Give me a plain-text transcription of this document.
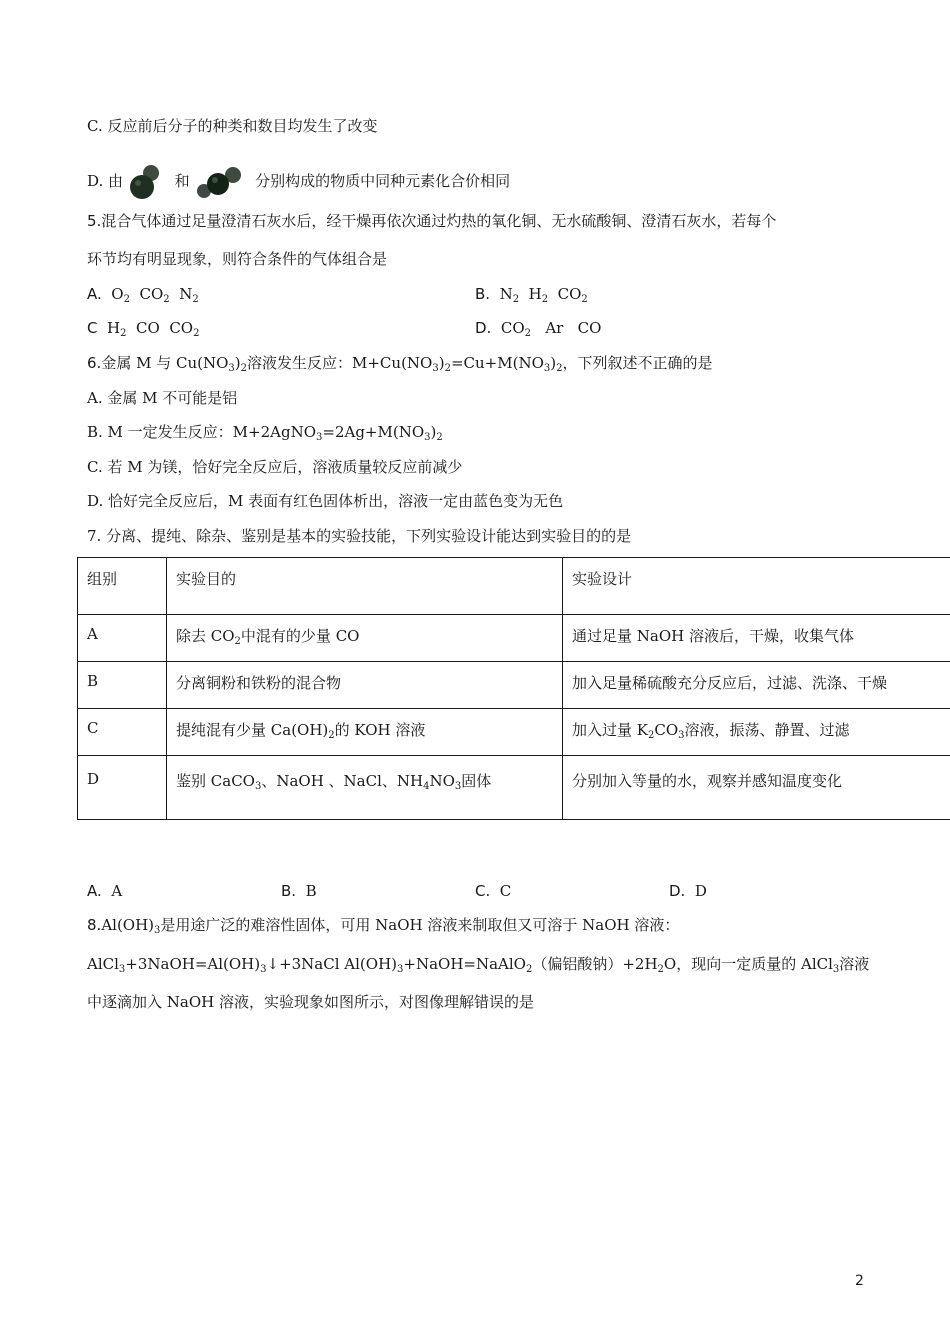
C. 反应前后分子的种类和数目均发生了改变
D. 由	和	分别构成的物质中同种元素化合价相同
5.混合气体通过足量澄清石灰水后，经干燥再依次通过灼热的氧化铜、无水硫酸铜、澄清石灰水，若每个
环节均有明显现象，则符合条件的气体组合是
A.  $O_2$  $CO_2$  $N_2$	B.  $N_2$  $H_2$  $CO_2$
C  $H_2$  CO  $CO_2$	D.  $CO_2$   Ar   CO
6.金属 M 与 $Cu(NO_3)_2$溶液发生反应：$M+Cu(NO_3)_2=Cu+M(NO_3)_2$，下列叙述不正确的是
A. 金属 M 不可能是铝
B. M 一定发生反应：$M+2AgNO_3=2Ag+M(NO_3)_2$
C. 若 M 为镁，恰好完全反应后，溶液质量较反应前减少
D. 恰好完全反应后，M 表面有红色固体析出，溶液一定由蓝色变为无色
7. 分离、提纯、除杂、鉴别是基本的实验技能，下列实验设计能达到实验目的的是
组别	实验目的	实验设计
A	除去 $CO_2$中混有的少量 CO	通过足量 NaOH 溶液后，干燥，收集气体
B	分离铜粉和铁粉的混合物	加入足量稀硫酸充分反应后，过滤、洗涤、干燥
C	提纯混有少量 $Ca(OH)_2$的 KOH 溶液	加入过量 $K_2CO_3$溶液，振荡、静置、过滤
D	鉴别 CaCO$_3$、NaOH 、NaCl、$NH_4NO_3$固体	分别加入等量的水，观察并感知温度变化
A. A	B. B	C. C	D. D
$8.Al(OH)_3$是用途广泛的难溶性固体，可用 NaOH 溶液来制取但又可溶于 NaOH 溶液：
$AlCl_3+3NaOH=Al(OH)_3↓+3NaCl$ $Al(OH)_3+NaOH=NaAlO_2$（偏铝酸钠）$+2H_2O$，现向一定质量的 AlCl$_3$溶液
中逐滴加入 NaOH 溶液，实验现象如图所示，对图像理解错误的是
2
